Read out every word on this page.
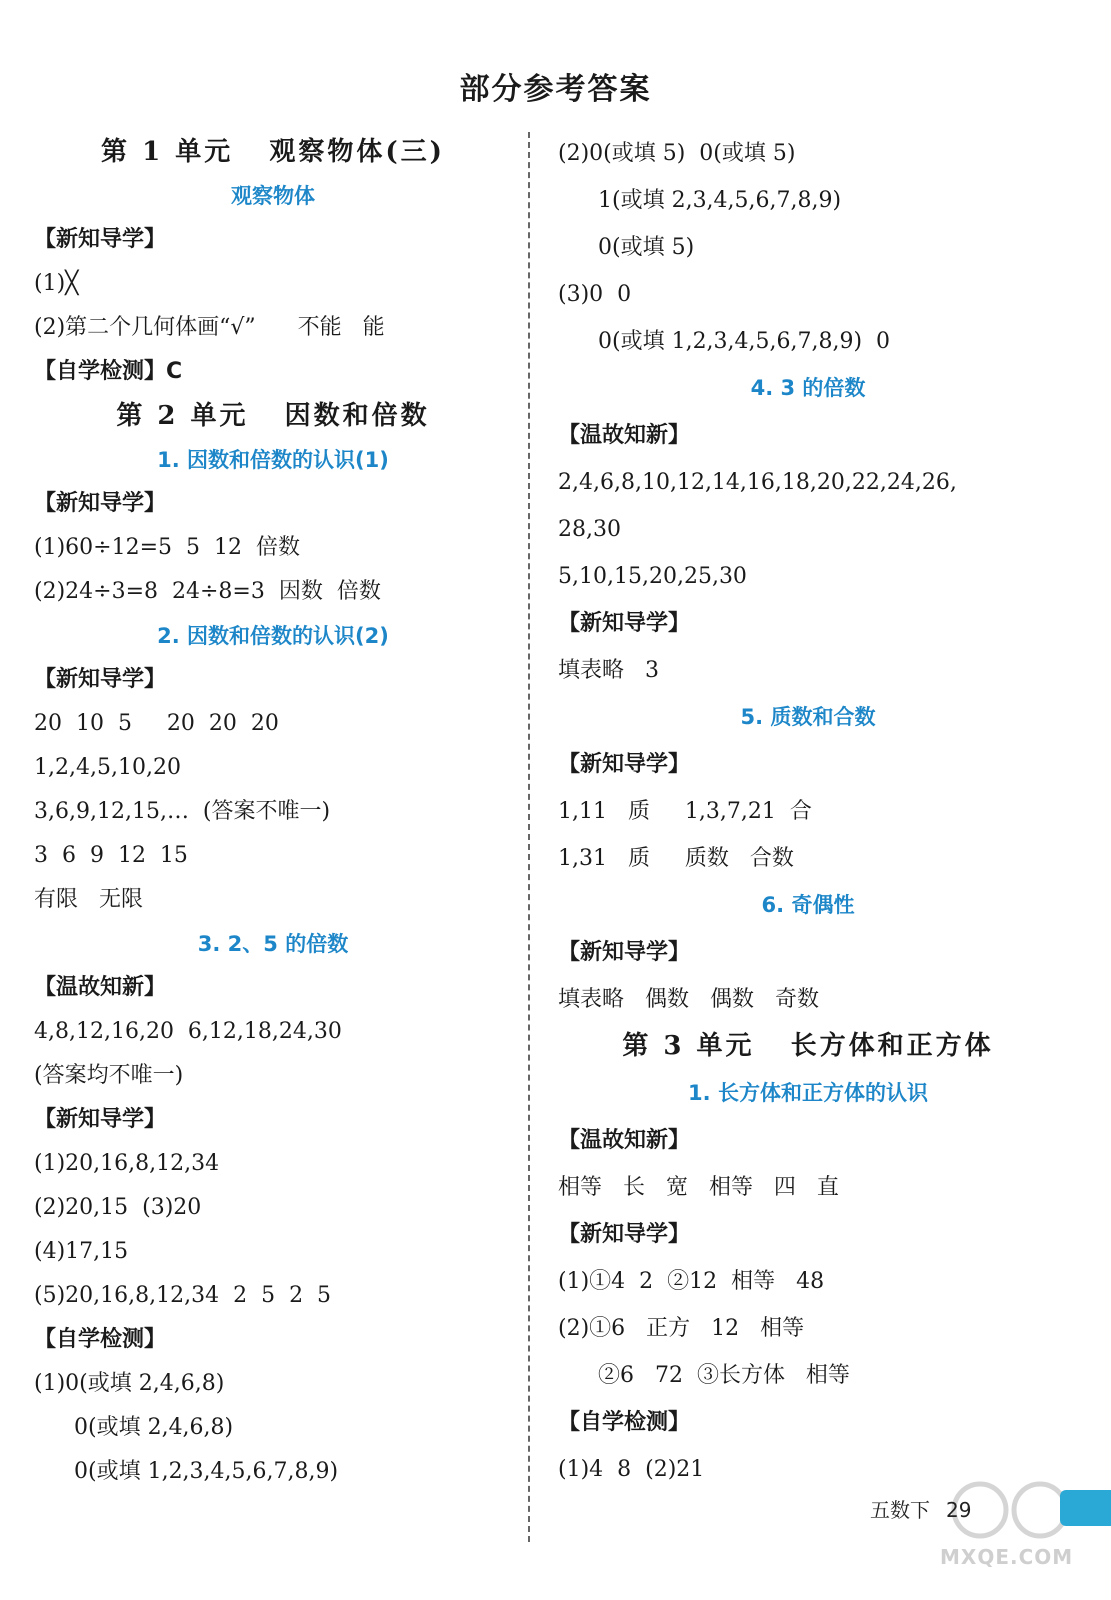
部分参考答案
第 1 单元   观察物体(三)
观察物体
【新知导学】
(1)╳
(2)第二个几何体画“√”      不能   能
【自学检测】C
第 2 单元   因数和倍数
1. 因数和倍数的认识(1)
【新知导学】
(1)60÷12=5  5  12  倍数
(2)24÷3=8  24÷8=3  因数  倍数
2. 因数和倍数的认识(2)
【新知导学】
20  10  5     20  20  20
1,2,4,5,10,20
3,6,9,12,15,…  (答案不唯一)
3  6  9  12  15
有限   无限
3. 2、5 的倍数
【温故知新】
4,8,12,16,20  6,12,18,24,30
(答案均不唯一)
【新知导学】
(1)20,16,8,12,34
(2)20,15  (3)20
(4)17,15
(5)20,16,8,12,34  2  5  2  5
【自学检测】
(1)0(或填 2,4,6,8)
0(或填 2,4,6,8)
0(或填 1,2,3,4,5,6,7,8,9)
(2)0(或填 5)  0(或填 5)
1(或填 2,3,4,5,6,7,8,9)
0(或填 5)
(3)0  0
0(或填 1,2,3,4,5,6,7,8,9)  0
4. 3 的倍数
【温故知新】
2,4,6,8,10,12,14,16,18,20,22,24,26,
28,30
5,10,15,20,25,30
【新知导学】
填表略   3
5. 质数和合数
【新知导学】
1,11   质     1,3,7,21  合
1,31   质     质数   合数
6. 奇偶性
【新知导学】
填表略   偶数   偶数   奇数
第 3 单元   长方体和正方体
1. 长方体和正方体的认识
【温故知新】
相等   长   宽   相等   四   直
【新知导学】
(1)①4  2  ②12  相等   48
(2)①6   正方   12   相等
②6   72  ③长方体   相等
【自学检测】
(1)4  8  (2)21
MXQE.COM
五数下 29
